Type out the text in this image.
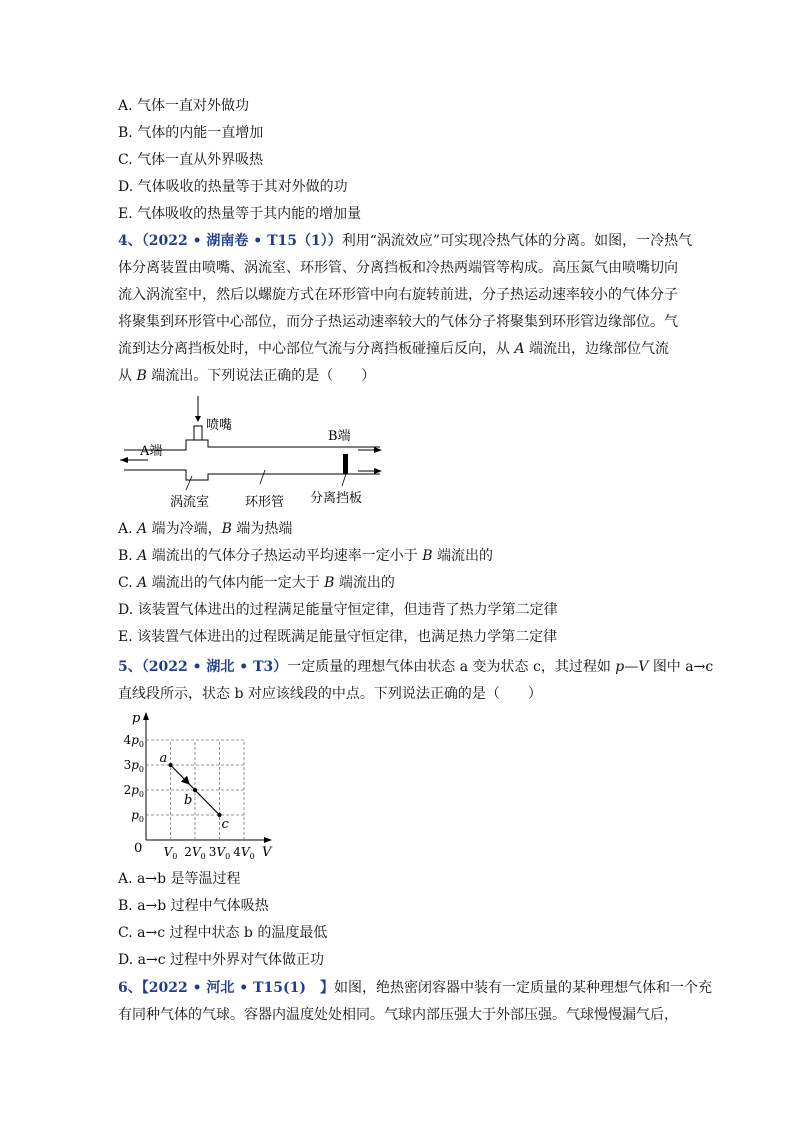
A. 气体一直对外做功
B. 气体的内能一直增加
C. 气体一直从外界吸热
D. 气体吸收的热量等于其对外做的功
E. 气体吸收的热量等于其内能的增加量
4、（2022 • 湖南卷 • T15（1））利用“涡流效应”可实现冷热气体的分离。如图，一冷热气
体分离装置由喷嘴、涡流室、环形管、分离挡板和冷热两端管等构成。高压氮气由喷嘴切向
流入涡流室中，然后以螺旋方式在环形管中向右旋转前进，分子热运动速率较小的气体分子
将聚集到环形管中心部位，而分子热运动速率较大的气体分子将聚集到环形管边缘部位。气
流到达分离挡板处时，中心部位气流与分离挡板碰撞后反向，从 A 端流出，边缘部位气流
从 B 端流出。下列说法正确的是（　　）
喷嘴
A端
B端
涡流室	环形管 分离挡板
A. A 端为冷端，B 端为热端
B. A 端流出的气体分子热运动平均速率一定小于 B 端流出的
C. A 端流出的气体内能一定大于 B 端流出的
D. 该装置气体进出的过程满足能量守恒定律，但违背了热力学第二定律
E. 该装置气体进出的过程既满足能量守恒定律，也满足热力学第二定律
5、（2022 • 湖北 • T3）一定质量的理想气体由状态 a 变为状态 c，其过程如 p—V 图中 a→c
直线段所示，状态 b 对应该线段的中点。下列说法正确的是（　　）
p
V
0
$p_0$
$2p_0$
$3p_0$
$4p_0$
$V_0$ $2V_0$ $3V_0$ $4V_0$
a
b
c
A. a→b 是等温过程
B. a→b 过程中气体吸热
C. a→c 过程中状态 b 的温度最低
D. a→c 过程中外界对气体做正功
6、【2022 • 河北 • T15(1)　】如图，绝热密闭容器中装有一定质量的某种理想气体和一个充
有同种气体的气球。容器内温度处处相同。气球内部压强大于外部压强。气球慢慢漏气后，
